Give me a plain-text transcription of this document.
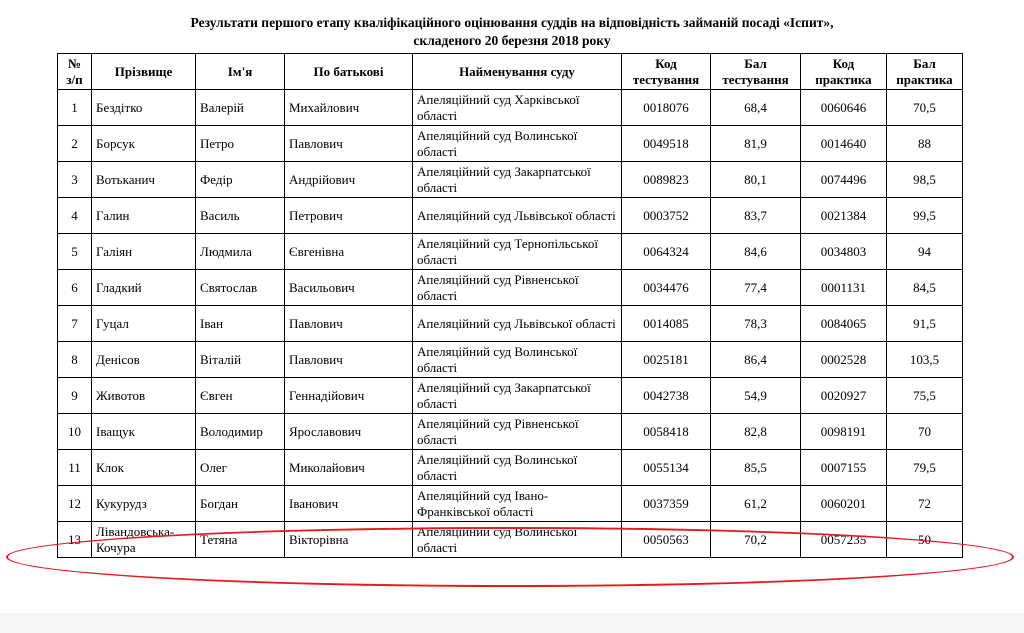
Результати першого етапу кваліфікаційного оцінювання суддів на відповідність займаній посаді «Іспит»,
складеного 20 березня 2018 року
№ з/п	Прізвище	Ім'я	По батькові	Найменування суду	Код тестування	Бал тестування	Код практика	Бал практика
1	Бездітко	Валерій	Михайлович	Апеляційний суд Харківської області	0018076	68,4	0060646	70,5
2	Борсук	Петро	Павлович	Апеляційний суд Волинської області	0049518	81,9	0014640	88
3	Вотьканич	Федір	Андрійович	Апеляційний суд Закарпатської області	0089823	80,1	0074496	98,5
4	Галин	Василь	Петрович	Апеляційний суд Львівської області	0003752	83,7	0021384	99,5
5	Галіян	Людмила	Євгенівна	Апеляційний суд Тернопільської області	0064324	84,6	0034803	94
6	Гладкий	Святослав	Васильович	Апеляційний суд Рівненської області	0034476	77,4	0001131	84,5
7	Гуцал	Іван	Павлович	Апеляційний суд Львівської області	0014085	78,3	0084065	91,5
8	Денісов	Віталій	Павлович	Апеляційний суд Волинської області	0025181	86,4	0002528	103,5
9	Животов	Євген	Геннадійович	Апеляційний суд Закарпатської області	0042738	54,9	0020927	75,5
10	Іващук	Володимир	Ярославович	Апеляційний суд Рівненської області	0058418	82,8	0098191	70
11	Клок	Олег	Миколайович	Апеляційний суд Волинської області	0055134	85,5	0007155	79,5
12	Кукурудз	Богдан	Іванович	Апеляційний суд Івано-Франківської області	0037359	61,2	0060201	72
13	Лівандовська-Кочура	Тетяна	Вікторівна	Апеляційний суд Волинської області	0050563	70,2	0057235	50
